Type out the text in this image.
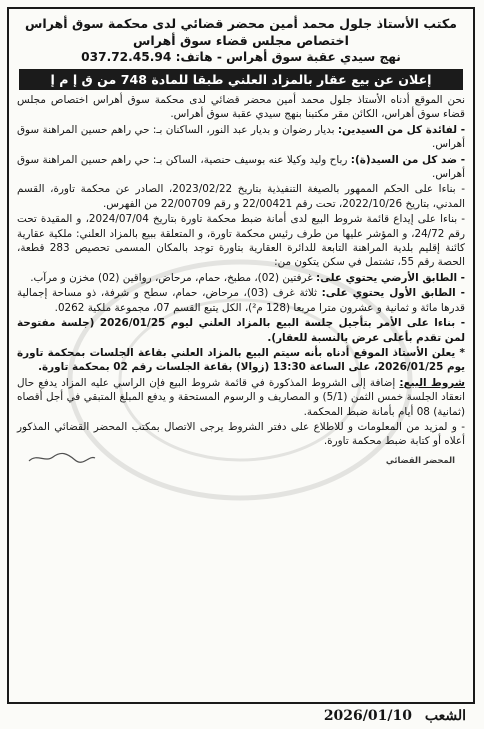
مكتب الأستاذ جلول محمد أمين محضر قضائي لدى محكمة سوق أهراس
اختصاص مجلس قضاء سوق أهراس
نهج سيدي عقبة سوق أهراس - هاتف: 037.72.45.94
إعلان عن بيع عقار بالمزاد العلني طبقا للمادة 748 من ق إ م إ

نحن الموقع أدناه الأستاذ جلول محمد أمين محضر قضائي لدى محكمة سوق أهراس اختصاص مجلس قضاء سوق أهراس، الكائن مقر مكتبنا بنهج سيدي عقبة سوق أهراس.

- لفائدة كل من السيدين: بديار رضوان و بديار عبد النور، الساكنان بـ: حي راهم حسين المراهنة سوق أهراس.

- ضد كل من السيد(ة): رباح وليد وكيلا عنه بوسيف حنصية، الساكن بـ: حي راهم حسين المراهنة سوق أهراس.

- بناءا على الحكم الممهور بالصيغة التنفيذية بتاريخ 2023/02/22، الصادر عن محكمة تاورة، القسم المدني، بتاريخ 2022/10/26، تحت رقم 22/00421 و رقم 22/00709 من الفهرس.

- بناءا على إيداع قائمة شروط البيع لدى أمانة ضبط محكمة تاورة بتاريخ 2024/07/04، و المقيدة تحت رقم 24/72، و المؤشر عليها من طرف رئيس محكمة تاورة، و المتعلقة ببيع بالمزاد العلني: ملكية عقارية كائنة إقليم بلدية المراهنة التابعة للدائرة العقارية بتاورة توجد بالمكان المسمى تحصيص 283 قطعة، الحصة رقم 55، تشتمل في سكن يتكون من:

- الطابق الأرضي يحتوي على: غرفتين (02)، مطبخ، حمام، مرحاض، رواقين (02) مخزن و مرآب.

- الطابق الأول يحتوي على: ثلاثة غرف (03)، مرحاض، حمام، سطح و شرفة، ذو مساحة إجمالية قدرها مائة و ثمانية و عشرون مترا مربعا (128 م²)، الكل يتبع القسم 07، مجموعة ملكية 0262.

- بناءا على الأمر بتأجيل جلسة البيع بالمزاد العلني ليوم 2026/01/25 (جلسة مفتوحة لمن تقدم بأعلى عرض بالنسبة للعقار).

* يعلن الأستاذ الموقع أدناه بأنه سيتم البيع بالمزاد العلني بقاعة الجلسات بمحكمة تاورة يوم 2026/01/25، على الساعة 13:30 (زوالا) بقاعة الجلسات رقم 02 بمحكمة تاورة.

شروط البيع: إضافة إلى الشروط المذكورة في قائمة شروط البيع فإن الراسي عليه المزاد يدفع حال انعقاد الجلسة خمس الثمن (5/1) و المصاريف و الرسوم المستحقة و يدفع المبلغ المتبقي في أجل أقصاه (ثمانية) 08 أيام بأمانة ضبط المحكمة.

- و لمزيد من المعلومات و للاطلاع على دفتر الشروط يرجى الاتصال بمكتب المحضر القضائي المذكور أعلاه أو كتابة ضبط محكمة تاورة.

المحضر القضائي
الشعب 2026/01/10
